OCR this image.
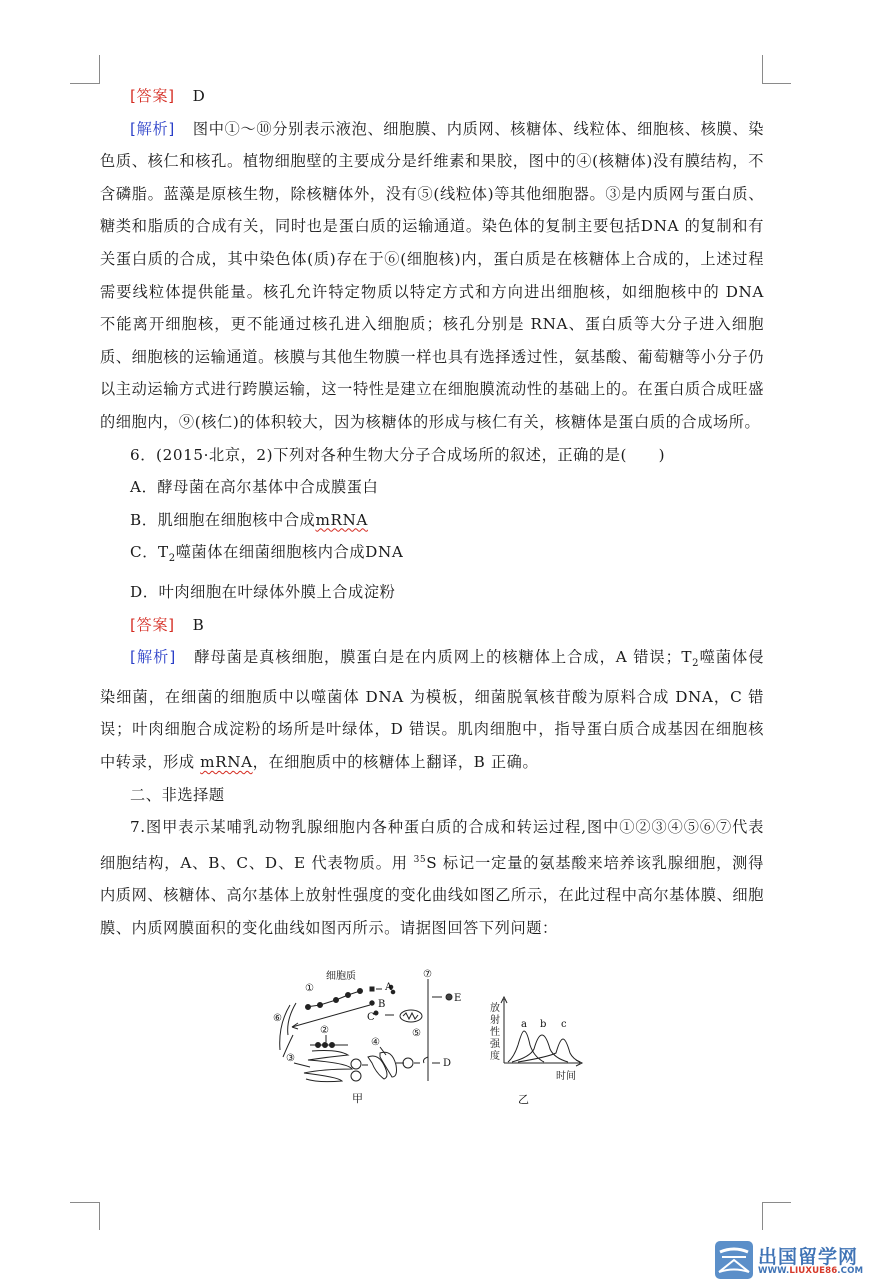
[答案] D

[解析] 图中①～⑩分别表示液泡、细胞膜、内质网、核糖体、线粒体、细胞核、核膜、染色质、核仁和核孔。植物细胞壁的主要成分是纤维素和果胶，图中的④(核糖体)没有膜结构，不含磷脂。蓝藻是原核生物，除核糖体外，没有⑤(线粒体)等其他细胞器。③是内质网与蛋白质、糖类和脂质的合成有关，同时也是蛋白质的运输通道。染色体的复制主要包括DNA 的复制和有关蛋白质的合成，其中染色体(质)存在于⑥(细胞核)内，蛋白质是在核糖体上合成的，上述过程需要线粒体提供能量。核孔允许特定物质以特定方式和方向进出细胞核，如细胞核中的 DNA 不能离开细胞核，更不能通过核孔进入细胞质；核孔分别是 RNA、蛋白质等大分子进入细胞质、细胞核的运输通道。核膜与其他生物膜一样也具有选择透过性，氨基酸、葡萄糖等小分子仍以主动运输方式进行跨膜运输，这一特性是建立在细胞膜流动性的基础上的。在蛋白质合成旺盛的细胞内，⑨(核仁)的体积较大，因为核糖体的形成与核仁有关，核糖体是蛋白质的合成场所。

6．(2015·北京，2)下列对各种生物大分子合成场所的叙述，正确的是(　　)

A．酵母菌在高尔基体中合成膜蛋白

B．肌细胞在细胞核中合成mRNA

C．$T_2$噬菌体在细菌细胞核内合成DNA

D．叶肉细胞在叶绿体外膜上合成淀粉

[答案] B

[解析] 酵母菌是真核细胞，膜蛋白是在内质网上的核糖体上合成，A 错误；$T_2$噬菌体侵染细菌，在细菌的细胞质中以噬菌体 DNA 为模板，细菌脱氧核苷酸为原料合成 DNA，C 错误；叶肉细胞合成淀粉的场所是叶绿体，D 错误。肌肉细胞中，指导蛋白质合成基因在细胞核中转录，形成 mRNA，在细胞质中的核糖体上翻译，B 正确。

二、非选择题

7.图甲表示某哺乳动物乳腺细胞内各种蛋白质的合成和转运过程,图中①②③④⑤⑥⑦代表细胞结构，A、B、C、D、E 代表物质。用 $^{35}$S 标记一定量的氨基酸来培养该乳腺细胞，测得内质网、核糖体、高尔基体上放射性强度的变化曲线如图乙所示，在此过程中高尔基体膜、细胞膜、内质网膜面积的变化曲线如图丙所示。请据图回答下列问题：

细胞质
①
②
③
④
⑤
⑥
⑦
A
B
C
D
E
甲
放
射
性
强
度
a b c
时间
乙
出国留学网
WWW.LIUXUE86.COM
